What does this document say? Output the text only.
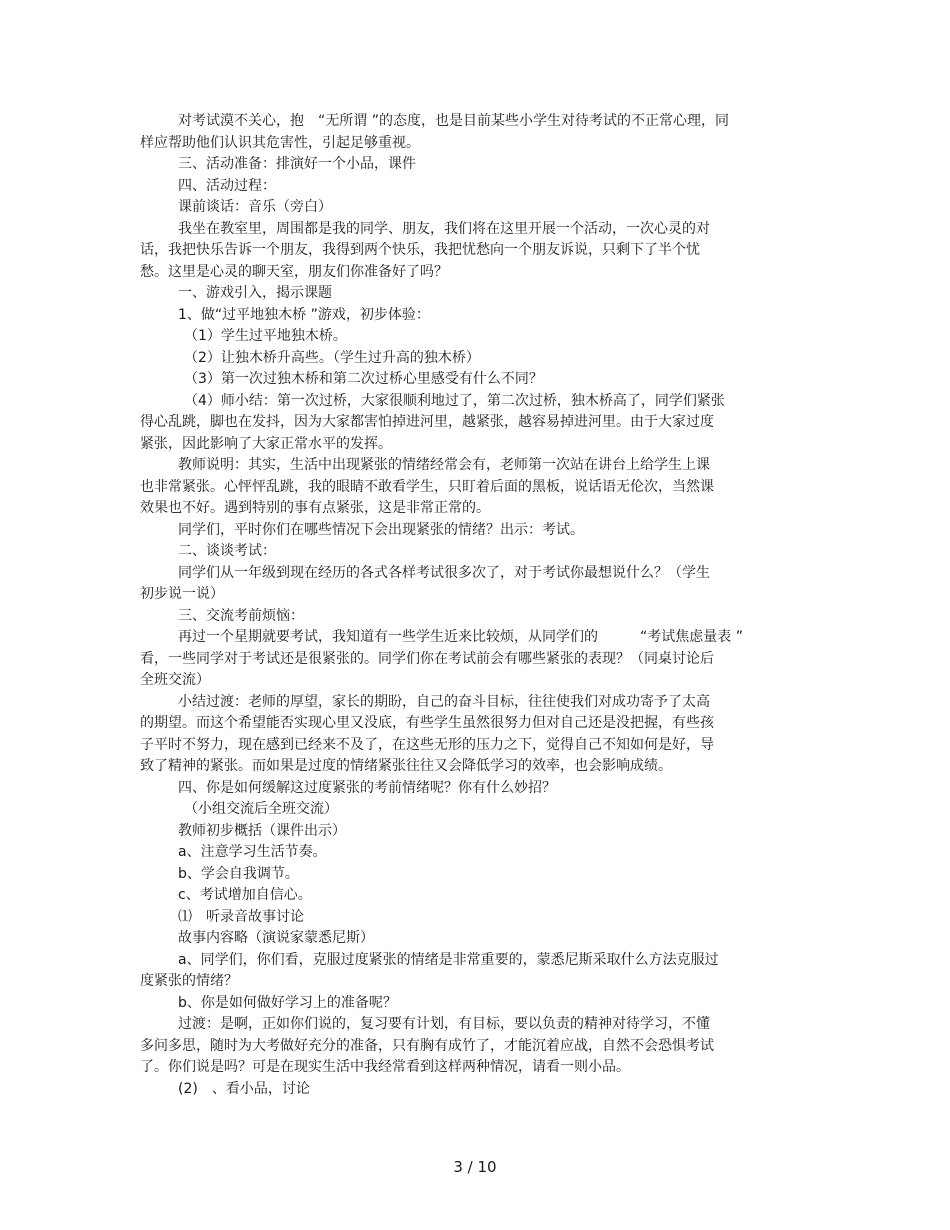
对考试漠不关心，抱　“无所谓 ”的态度，也是目前某些小学生对待考试的不正常心理，同
样应帮助他们认识其危害性，引起足够重视。
三、活动准备：排演好一个小品，课件
四、活动过程：
课前谈话：音乐（旁白）
我坐在教室里，周围都是我的同学、朋友，我们将在这里开展一个活动，一次心灵的对
话，我把快乐告诉一个朋友，我得到两个快乐，我把忧愁向一个朋友诉说，只剩下了半个忧
愁。这里是心灵的聊天室，朋友们你准备好了吗？
一、游戏引入，揭示课题
1、做“过平地独木桥 ”游戏，初步体验：
（1）学生过平地独木桥。
（2）让独木桥升高些。（学生过升高的独木桥）
（3）第一次过独木桥和第二次过桥心里感受有什么不同？
（4）师小结：第一次过桥，大家很顺利地过了，第二次过桥，独木桥高了，同学们紧张
得心乱跳，脚也在发抖，因为大家都害怕掉进河里，越紧张，越容易掉进河里。由于大家过度
紧张，因此影响了大家正常水平的发挥。
教师说明：其实，生活中出现紧张的情绪经常会有，老师第一次站在讲台上给学生上课
也非常紧张。心怦怦乱跳，我的眼睛不敢看学生，只盯着后面的黑板，说话语无伦次，当然课
效果也不好。遇到特别的事有点紧张，这是非常正常的。
同学们，平时你们在哪些情况下会出现紧张的情绪？出示：考试。
二、谈谈考试：
同学们从一年级到现在经历的各式各样考试很多次了，对于考试你最想说什么？（学生
初步说一说）
三、交流考前烦恼：
再过一个星期就要考试，我知道有一些学生近来比较烦，从同学们的　　　“考试焦虑量表 ”
看，一些同学对于考试还是很紧张的。同学们你在考试前会有哪些紧张的表现？（同桌讨论后
全班交流）
小结过渡：老师的厚望，家长的期盼，自己的奋斗目标，往往使我们对成功寄予了太高
的期望。而这个希望能否实现心里又没底，有些学生虽然很努力但对自己还是没把握，有些孩
子平时不努力，现在感到已经来不及了，在这些无形的压力之下，觉得自己不知如何是好，导
致了精神的紧张。而如果是过度的情绪紧张往往又会降低学习的效率，也会影响成绩。
四、你是如何缓解这过度紧张的考前情绪呢？你有什么妙招？
（小组交流后全班交流）
教师初步概括（课件出示）
a、注意学习生活节奏。
b、学会自我调节。
c、考试增加自信心。
⑴　听录音故事讨论
故事内容略（演说家蒙悉尼斯）
a、同学们，你们看，克服过度紧张的情绪是非常重要的，蒙悉尼斯采取什么方法克服过
度紧张的情绪？
b、你是如何做好学习上的准备呢？
过渡：是啊，正如你们说的，复习要有计划，有目标，要以负责的精神对待学习，不懂
多问多思，随时为大考做好充分的准备，只有胸有成竹了，才能沉着应战，自然不会恐惧考试
了。你们说是吗？可是在现实生活中我经常看到这样两种情况，请看一则小品。
(2)　、看小品，讨论
3 / 10
